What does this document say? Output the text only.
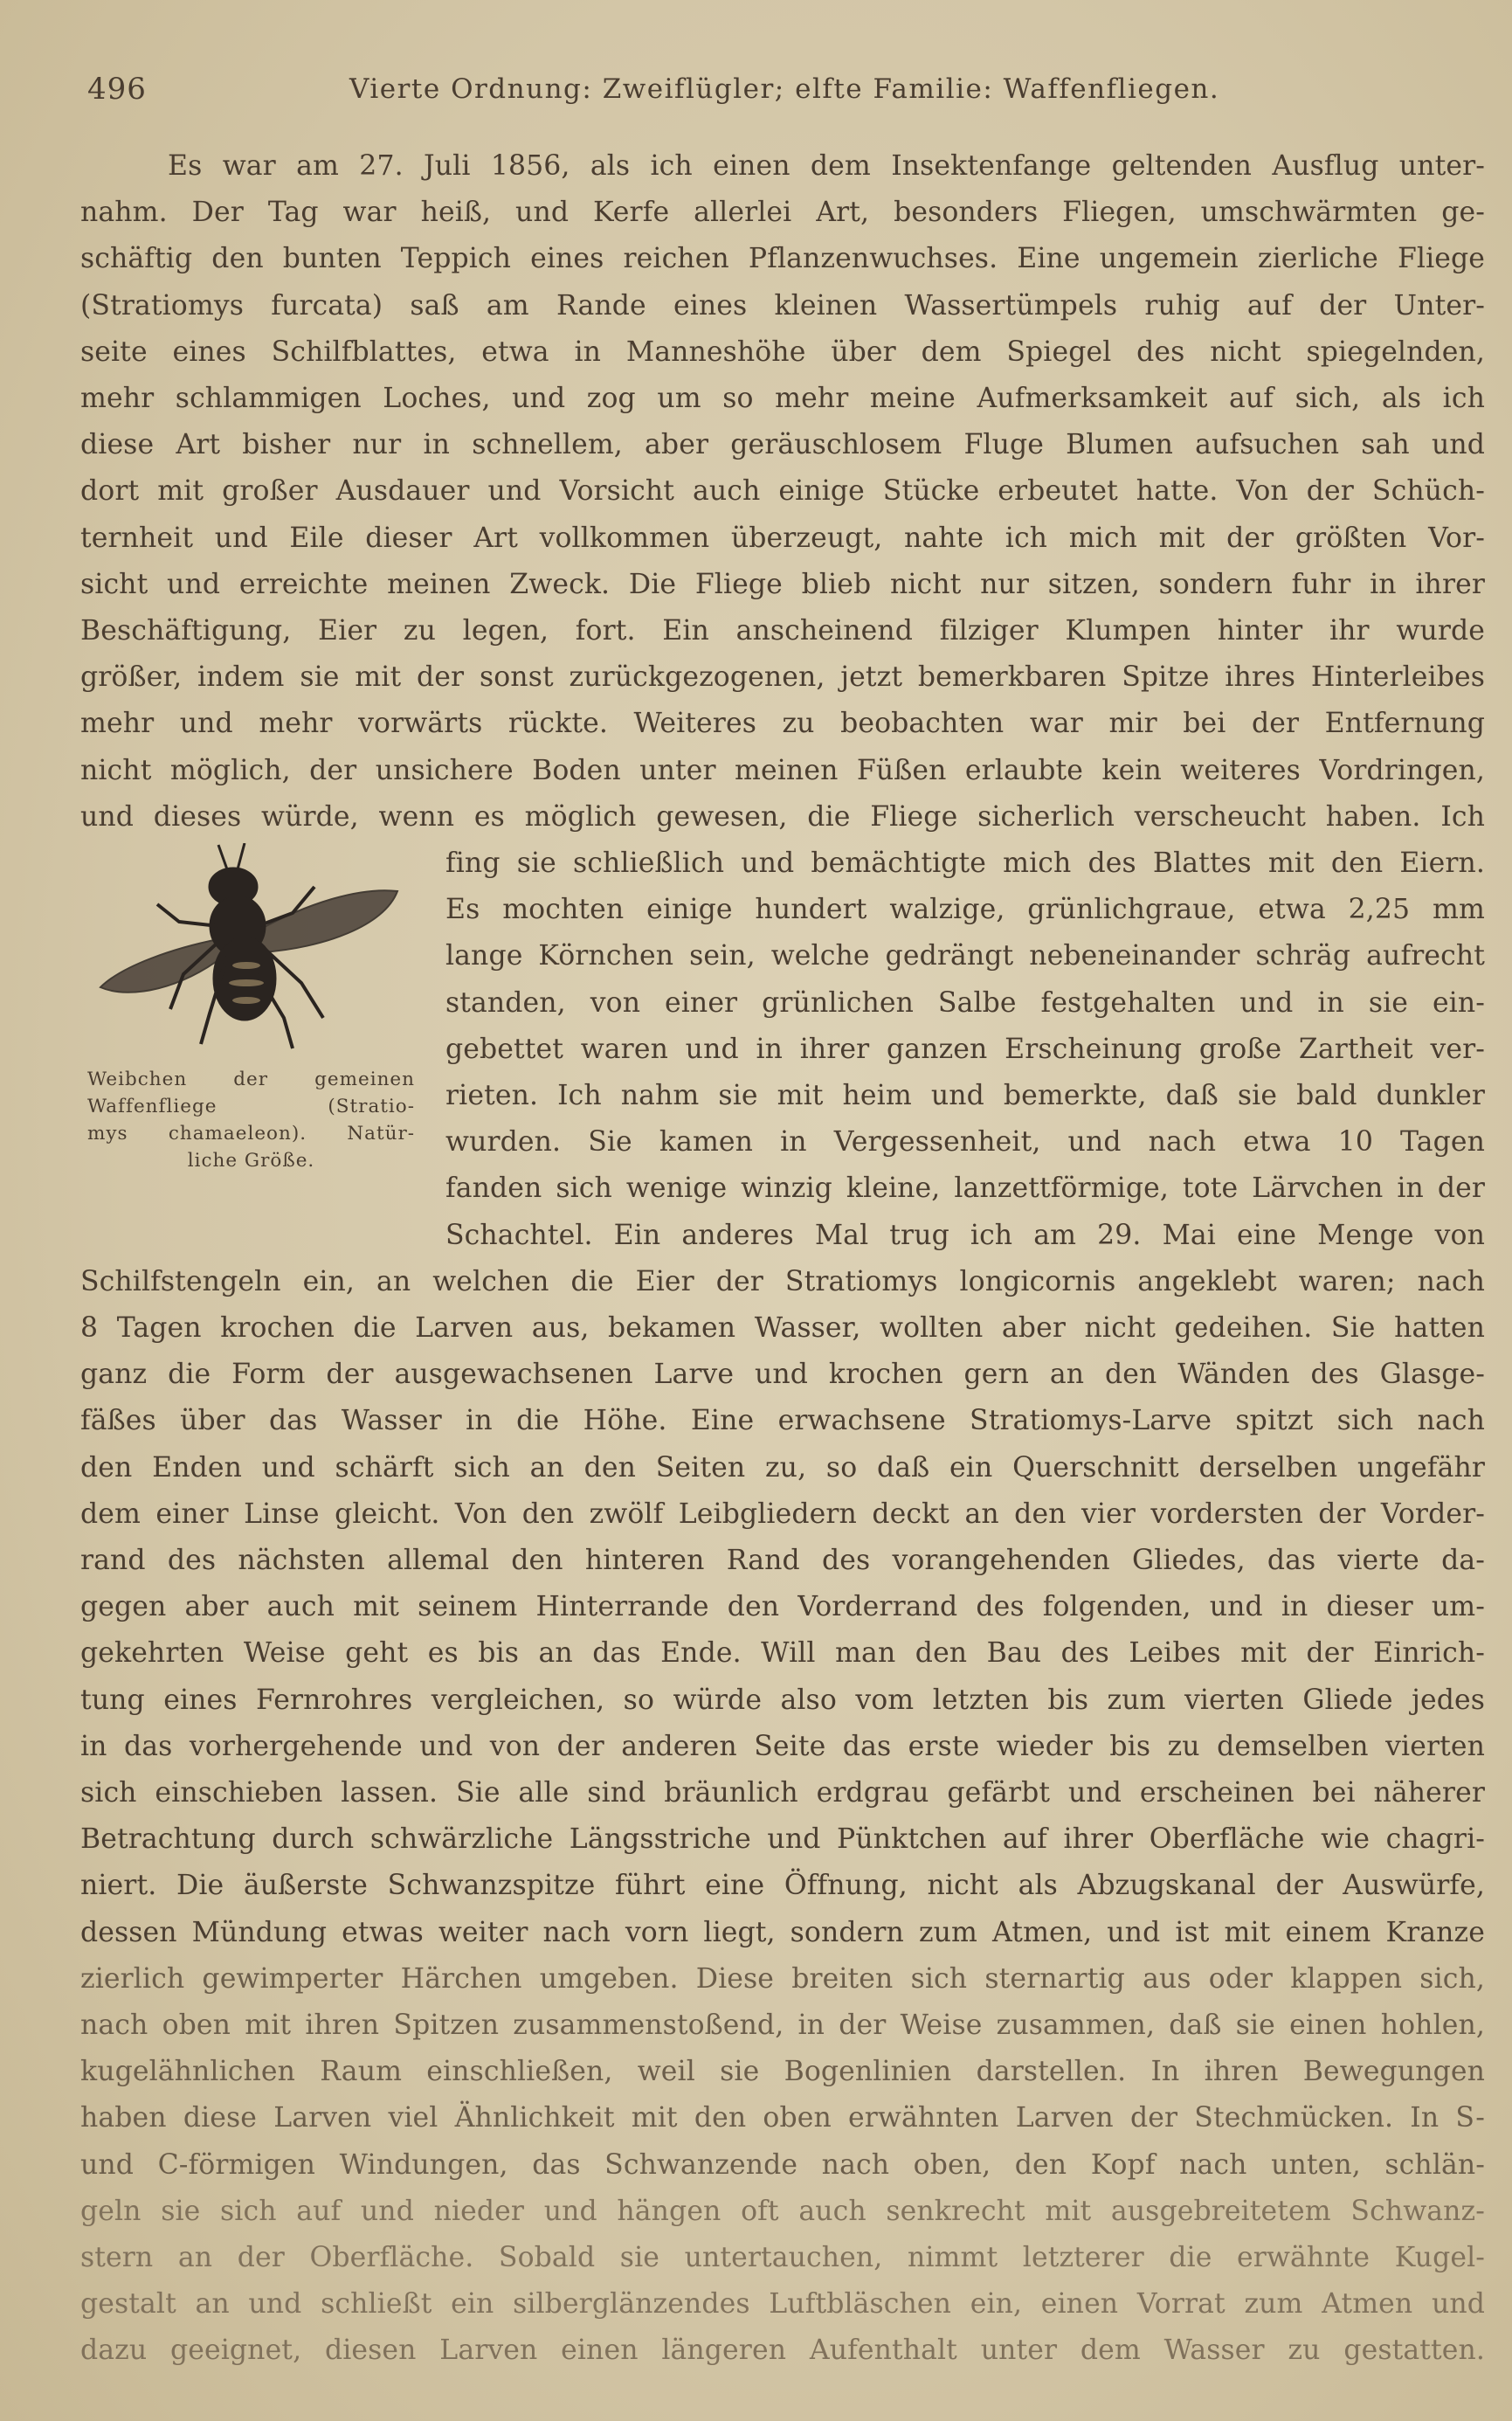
496	Vierte Ordnung: Zweiflügler; elfte Familie: Waffenfliegen.
Es war am 27. Juli 1856, als ich einen dem Insektenfange geltenden Ausflug unter-
nahm. Der Tag war heiß, und Kerfe allerlei Art, besonders Fliegen, umschwärmten ge-
schäftig den bunten Teppich eines reichen Pflanzenwuchses. Eine ungemein zierliche Fliege
(Stratiomys furcata) saß am Rande eines kleinen Wassertümpels ruhig auf der Unter-
seite eines Schilfblattes, etwa in Manneshöhe über dem Spiegel des nicht spiegelnden,
mehr schlammigen Loches, und zog um so mehr meine Aufmerksamkeit auf sich, als ich
diese Art bisher nur in schnellem, aber geräuschlosem Fluge Blumen aufsuchen sah und
dort mit großer Ausdauer und Vorsicht auch einige Stücke erbeutet hatte. Von der Schüch-
ternheit und Eile dieser Art vollkommen überzeugt, nahte ich mich mit der größten Vor-
sicht und erreichte meinen Zweck. Die Fliege blieb nicht nur sitzen, sondern fuhr in ihrer
Beschäftigung, Eier zu legen, fort. Ein anscheinend filziger Klumpen hinter ihr wurde
größer, indem sie mit der sonst zurückgezogenen, jetzt bemerkbaren Spitze ihres Hinterleibes
mehr und mehr vorwärts rückte. Weiteres zu beobachten war mir bei der Entfernung
nicht möglich, der unsichere Boden unter meinen Füßen erlaubte kein weiteres Vordringen,
und dieses würde, wenn es möglich gewesen, die Fliege sicherlich verscheucht haben. Ich
Weibchen der gemeinen
Waffenfliege (Stratio-
mys chamaeleon). Natür-
liche Größe.
fing sie schließlich und bemächtigte mich des Blattes mit den Eiern.
Es mochten einige hundert walzige, grünlichgraue, etwa 2,25 mm
lange Körnchen sein, welche gedrängt nebeneinander schräg aufrecht
standen, von einer grünlichen Salbe festgehalten und in sie ein-
gebettet waren und in ihrer ganzen Erscheinung große Zartheit ver-
rieten. Ich nahm sie mit heim und bemerkte, daß sie bald dunkler
wurden. Sie kamen in Vergessenheit, und nach etwa 10 Tagen
fanden sich wenige winzig kleine, lanzettförmige, tote Lärvchen in der
Schachtel. Ein anderes Mal trug ich am 29. Mai eine Menge von
Schilfstengeln ein, an welchen die Eier der Stratiomys longicornis angeklebt waren; nach
8 Tagen krochen die Larven aus, bekamen Wasser, wollten aber nicht gedeihen. Sie hatten
ganz die Form der ausgewachsenen Larve und krochen gern an den Wänden des Glasge-
fäßes über das Wasser in die Höhe. Eine erwachsene Stratiomys-Larve spitzt sich nach
den Enden und schärft sich an den Seiten zu, so daß ein Querschnitt derselben ungefähr
dem einer Linse gleicht. Von den zwölf Leibgliedern deckt an den vier vordersten der Vorder-
rand des nächsten allemal den hinteren Rand des vorangehenden Gliedes, das vierte da-
gegen aber auch mit seinem Hinterrande den Vorderrand des folgenden, und in dieser um-
gekehrten Weise geht es bis an das Ende. Will man den Bau des Leibes mit der Einrich-
tung eines Fernrohres vergleichen, so würde also vom letzten bis zum vierten Gliede jedes
in das vorhergehende und von der anderen Seite das erste wieder bis zu demselben vierten
sich einschieben lassen. Sie alle sind bräunlich erdgrau gefärbt und erscheinen bei näherer
Betrachtung durch schwärzliche Längsstriche und Pünktchen auf ihrer Oberfläche wie chagri-
niert. Die äußerste Schwanzspitze führt eine Öffnung, nicht als Abzugskanal der Auswürfe,
dessen Mündung etwas weiter nach vorn liegt, sondern zum Atmen, und ist mit einem Kranze
zierlich gewimperter Härchen umgeben. Diese breiten sich sternartig aus oder klappen sich,
nach oben mit ihren Spitzen zusammenstoßend, in der Weise zusammen, daß sie einen hohlen,
kugelähnlichen Raum einschließen, weil sie Bogenlinien darstellen. In ihren Bewegungen
haben diese Larven viel Ähnlichkeit mit den oben erwähnten Larven der Stechmücken. In S-
und C-förmigen Windungen, das Schwanzende nach oben, den Kopf nach unten, schlän-
geln sie sich auf und nieder und hängen oft auch senkrecht mit ausgebreitetem Schwanz-
stern an der Oberfläche. Sobald sie untertauchen, nimmt letzterer die erwähnte Kugel-
gestalt an und schließt ein silberglänzendes Luftbläschen ein, einen Vorrat zum Atmen und
dazu geeignet, diesen Larven einen längeren Aufenthalt unter dem Wasser zu gestatten.
